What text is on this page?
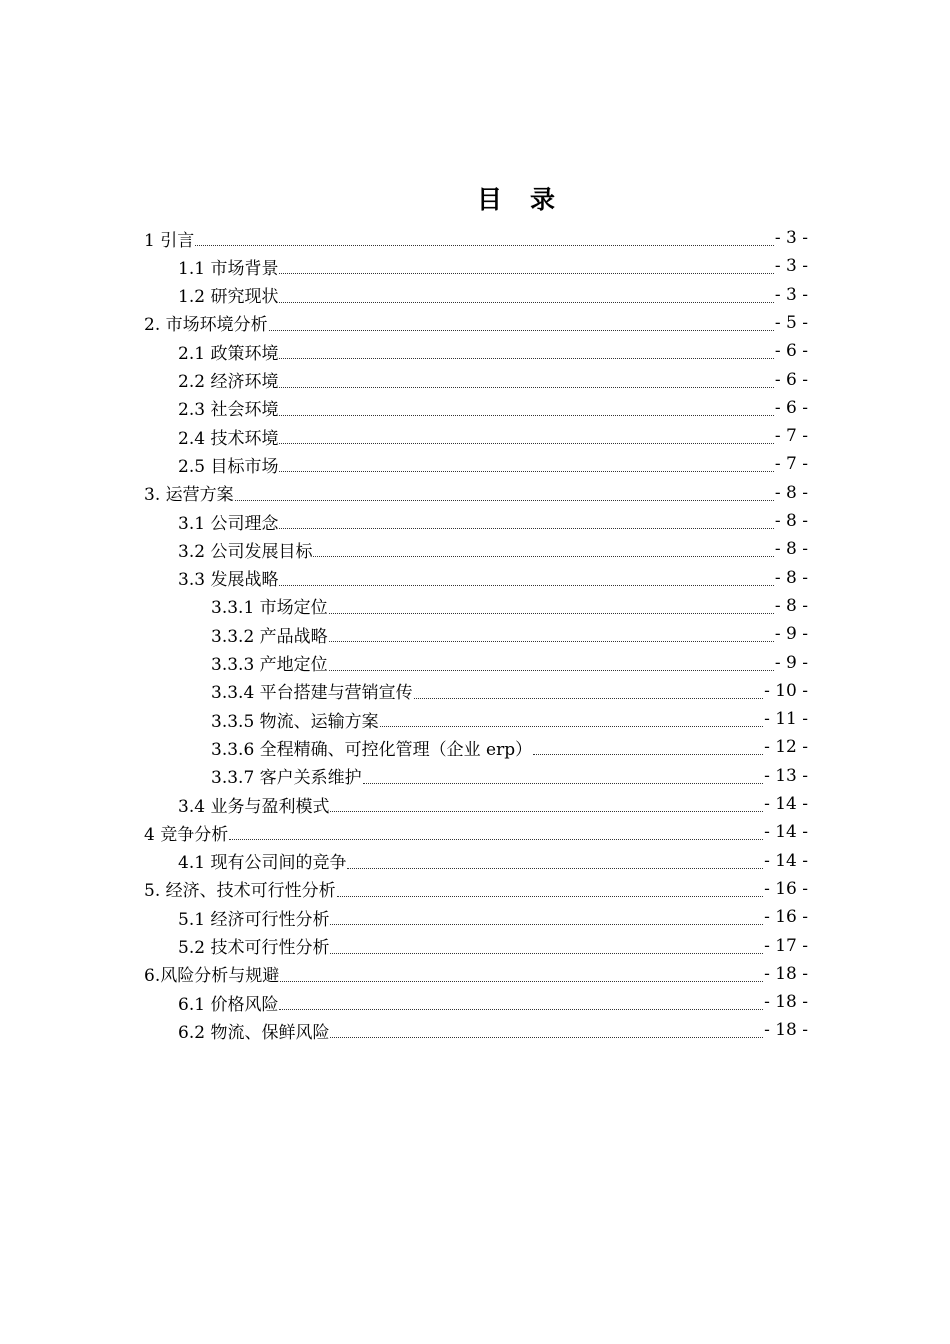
目 录
1 引言	- 3 -
1.1 市场背景	- 3 -
1.2 研究现状	- 3 -
2. 市场环境分析	- 5 -
2.1 政策环境	- 6 -
2.2 经济环境	- 6 -
2.3 社会环境	- 6 -
2.4 技术环境	- 7 -
2.5 目标市场	- 7 -
3. 运营方案	- 8 -
3.1 公司理念	- 8 -
3.2 公司发展目标	- 8 -
3.3 发展战略	- 8 -
3.3.1 市场定位	- 8 -
3.3.2 产品战略	- 9 -
3.3.3 产地定位	- 9 -
3.3.4 平台搭建与营销宣传	- 10 -
3.3.5 物流、运输方案	- 11 -
3.3.6 全程精确、可控化管理（企业 erp）	- 12 -
3.3.7 客户关系维护	- 13 -
3.4 业务与盈利模式	- 14 -
4 竞争分析	- 14 -
4.1 现有公司间的竞争	- 14 -
5. 经济、技术可行性分析	- 16 -
5.1 经济可行性分析	- 16 -
5.2 技术可行性分析	- 17 -
6.风险分析与规避	- 18 -
6.1 价格风险	- 18 -
6.2 物流、保鲜风险	- 18 -
